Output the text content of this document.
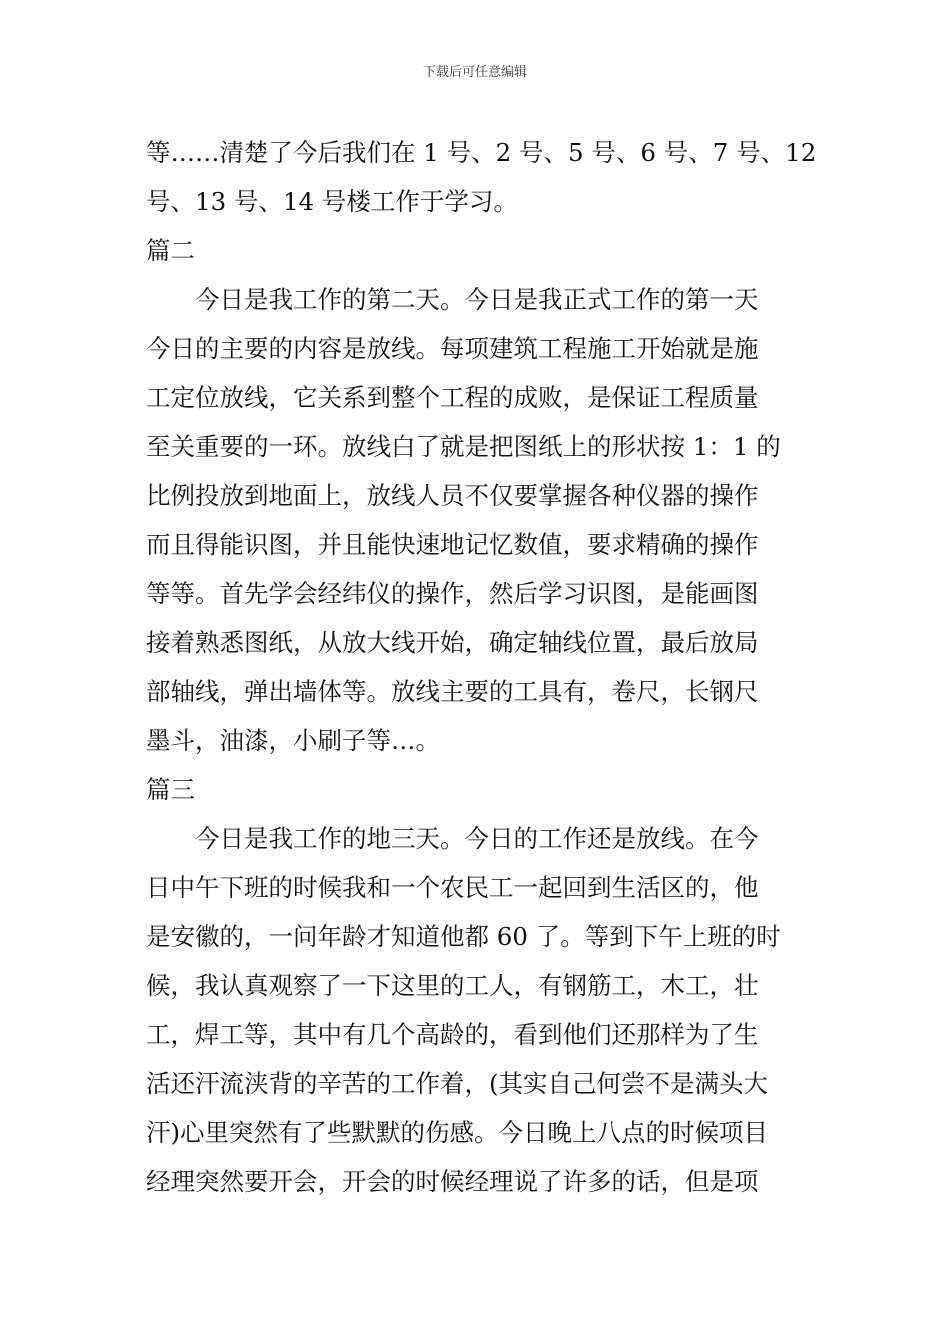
下载后可任意编辑
等……清楚了今后我们在 1 号、2 号、5 号、6 号、7 号、12
号、13 号、14 号楼工作于学习。
篇二
今日是我工作的第二天。今日是我正式工作的第一天
今日的主要的内容是放线。每项建筑工程施工开始就是施
工定位放线，它关系到整个工程的成败，是保证工程质量
至关重要的一环。放线白了就是把图纸上的形状按 1：1 的
比例投放到地面上，放线人员不仅要掌握各种仪器的操作
而且得能识图，并且能快速地记忆数值，要求精确的操作
等等。首先学会经纬仪的操作，然后学习识图，是能画图
接着熟悉图纸，从放大线开始，确定轴线位置，最后放局
部轴线，弹出墙体等。放线主要的工具有，卷尺，长钢尺
墨斗，油漆，小刷子等…。
篇三
今日是我工作的地三天。今日的工作还是放线。在今
日中午下班的时候我和一个农民工一起回到生活区的，他
是安徽的，一问年龄才知道他都 60 了。等到下午上班的时
候，我认真观察了一下这里的工人，有钢筋工，木工，壮
工，焊工等，其中有几个高龄的，看到他们还那样为了生
活还汗流浃背的辛苦的工作着，(其实自己何尝不是满头大
汗)心里突然有了些默默的伤感。今日晚上八点的时候项目
经理突然要开会，开会的时候经理说了许多的话，但是项
